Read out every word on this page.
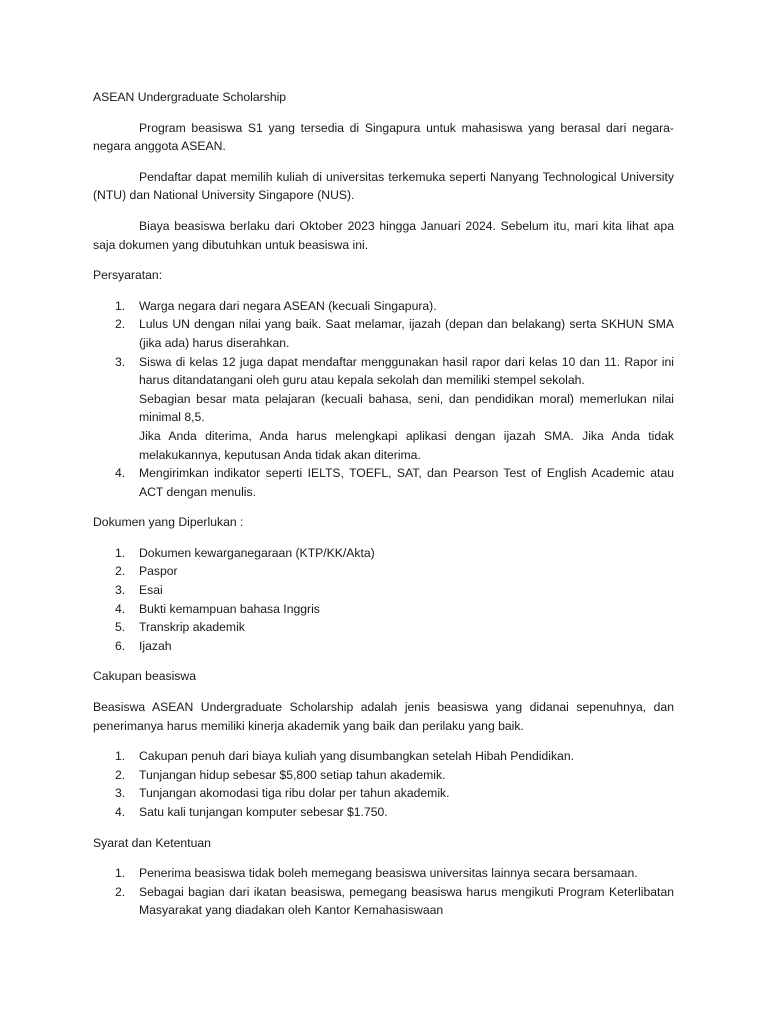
ASEAN Undergraduate Scholarship

Program beasiswa S1 yang tersedia di Singapura untuk mahasiswa yang berasal dari negara-negara anggota ASEAN.

Pendaftar dapat memilih kuliah di universitas terkemuka seperti Nanyang Technological University (NTU) dan National University Singapore (NUS).

Biaya beasiswa berlaku dari Oktober 2023 hingga Januari 2024. Sebelum itu, mari kita lihat apa saja dokumen yang dibutuhkan untuk beasiswa ini.

Persyaratan:

1. Warga negara dari negara ASEAN (kecuali Singapura).
2. Lulus UN dengan nilai yang baik. Saat melamar, ijazah (depan dan belakang) serta SKHUN SMA (jika ada) harus diserahkan.
3. Siswa di kelas 12 juga dapat mendaftar menggunakan hasil rapor dari kelas 10 dan 11. Rapor ini harus ditandatangani oleh guru atau kepala sekolah dan memiliki stempel sekolah.
Sebagian besar mata pelajaran (kecuali bahasa, seni, dan pendidikan moral) memerlukan nilai minimal 8,5.
Jika Anda diterima, Anda harus melengkapi aplikasi dengan ijazah SMA. Jika Anda tidak melakukannya, keputusan Anda tidak akan diterima.
4. Mengirimkan indikator seperti IELTS, TOEFL, SAT, dan Pearson Test of English Academic atau ACT dengan menulis.

Dokumen yang Diperlukan :

1. Dokumen kewarganegaraan (KTP/KK/Akta)
2. Paspor
3. Esai
4. Bukti kemampuan bahasa Inggris
5. Transkrip akademik
6. Ijazah

Cakupan beasiswa

Beasiswa ASEAN Undergraduate Scholarship adalah jenis beasiswa yang didanai sepenuhnya, dan penerimanya harus memiliki kinerja akademik yang baik dan perilaku yang baik.

1. Cakupan penuh dari biaya kuliah yang disumbangkan setelah Hibah Pendidikan.
2. Tunjangan hidup sebesar $5,800 setiap tahun akademik.
3. Tunjangan akomodasi tiga ribu dolar per tahun akademik.
4. Satu kali tunjangan komputer sebesar $1.750.

Syarat dan Ketentuan

1. Penerima beasiswa tidak boleh memegang beasiswa universitas lainnya secara bersamaan.
2. Sebagai bagian dari ikatan beasiswa, pemegang beasiswa harus mengikuti Program Keterlibatan Masyarakat yang diadakan oleh Kantor Kemahasiswaan
